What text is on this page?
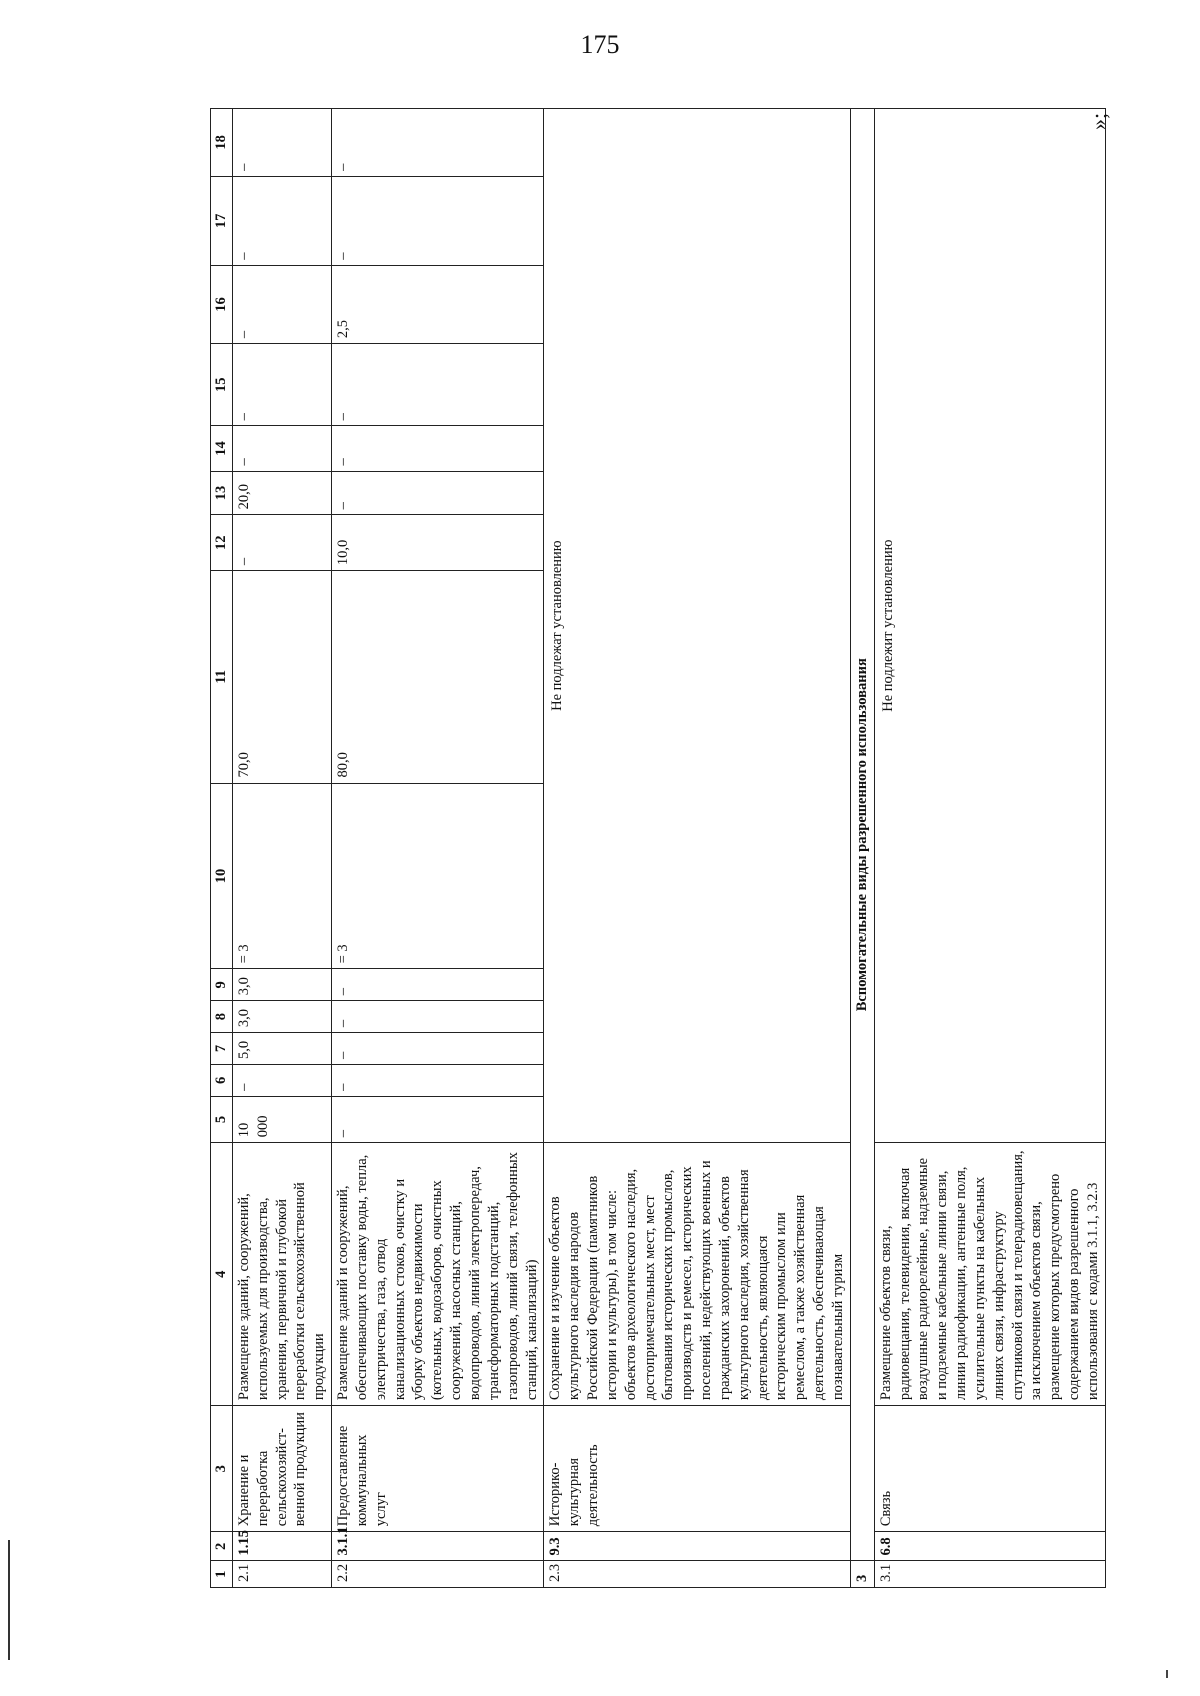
175
1	2	3	4	5	6	7	8	9	10	11	12	13	14	15	16	17	18
2.1	1.15	Хранение и переработка сельскохозяйст-венной продукции	Размещение зданий, сооружений, используемых для производства, хранения, первичной и глубокой переработки сельскохозяйственной продукции	10 000	–	5,0	3,0	3,0	= 3	70,0	–	20,0	–	–	–	–	–
2.2	3.1.1	Предоставление коммунальных услуг	Размещение зданий и сооружений, обеспечивающих поставку воды, тепла, электричества, газа, отвод канализационных стоков, очистку и уборку объектов недвижимости (котельных, водозаборов, очистных сооружений, насосных станций, водопроводов, линий электропередач, трансформаторных подстанций, газопроводов, линий связи, телефонных станций, канализаций)	–	–	–	–	–	= 3	80,0	10,0	–	–	–	2,5	–	–
2.3	9.3	Историко-культурная деятельность	Сохранение и изучение объектов культурного наследия народов Российской Федерации (памятников истории и культуры), в том числе: объектов археологического наследия, достопримечательных мест, мест бытования исторических промыслов, производств и ремесел, исторических поселений, недействующих военных и гражданских захоронений, объектов культурного наследия, хозяйственная деятельность, являющаяся историческим промыслом или ремеслом, а также хозяйственная деятельность, обеспечивающая познавательный туризм	Не подлежат установлению													
3	Вспомогательные виды разрешенного использования																
3.1	6.8	Связь	Размещение объектов связи, радиовещания, телевидения, включая воздушные радиорелейные, надземные и подземные кабельные линии связи, линии радиофикации, антенные поля, усилительные пункты на кабельных линиях связи, инфраструктуру спутниковой связи и телерадиовещания, за исключением объектов связи, размещение которых предусмотрено содержанием видов разрешенного использования с кодами 3.1.1, 3.2.3	Не подлежит установлению													
»;
